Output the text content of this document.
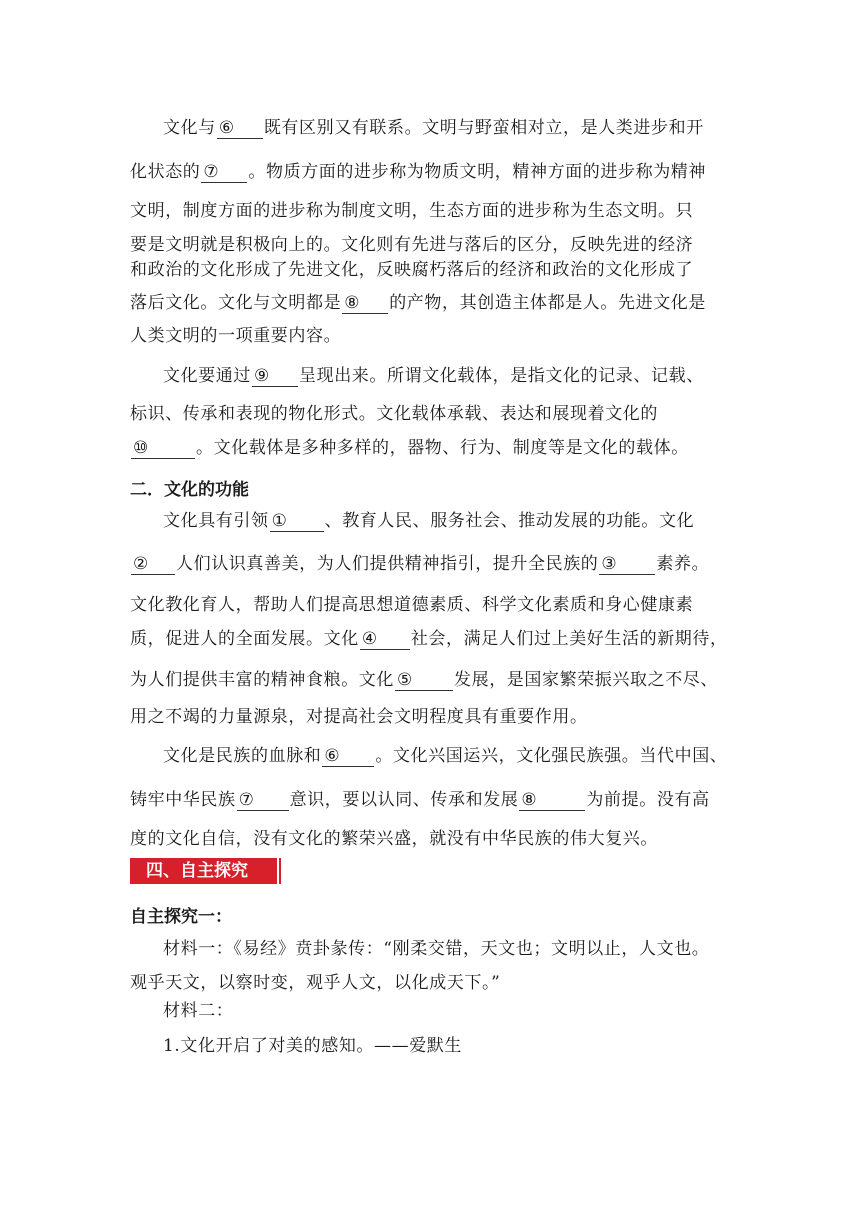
文化与 ⑥ 既有区别又有联系。文明与野蛮相对立，是人类进步和开
化状态的 ⑦ 。物质方面的进步称为物质文明，精神方面的进步称为精神
文明，制度方面的进步称为制度文明，生态方面的进步称为生态文明。只
要是文明就是积极向上的。文化则有先进与落后的区分，反映先进的经济
和政治的文化形成了先进文化，反映腐朽落后的经济和政治的文化形成了
落后文化。文化与文明都是 ⑧ 的产物，其创造主体都是人。先进文化是
人类文明的一项重要内容。
文化要通过 ⑨ 呈现出来。所谓文化载体，是指文化的记录、记载、
标识、传承和表现的物化形式。文化载体承载、表达和展现着文化的
⑩	。文化载体是多种多样的，器物、行为、制度等是文化的载体。
二．文化的功能
文化具有引领 ① 、教育人民、服务社会、推动发展的功能。文化
② 人们认识真善美，为人们提供精神指引，提升全民族的 ③ 素养。
文化教化育人，帮助人们提高思想道德素质、科学文化素质和身心健康素
质，促进人的全面发展。文化 ④ 社会，满足人们过上美好生活的新期待，
为人们提供丰富的精神食粮。文化 ⑤ 发展，是国家繁荣振兴取之不尽、
用之不竭的力量源泉，对提高社会文明程度具有重要作用。
文化是民族的血脉和 ⑥ 。文化兴国运兴，文化强民族强。当代中国、
铸牢中华民族 ⑦ 意识，要以认同、传承和发展 ⑧	为前提。没有高
度的文化自信，没有文化的繁荣兴盛，就没有中华民族的伟大复兴。
四、自主探究
自主探究一：
材料一：《易经》贲卦彖传：“刚柔交错，天文也；文明以止，人文也。
观乎天文，以察时变，观乎人文，以化成天下。”
材料二：
1.文化开启了对美的感知。——爱默生
